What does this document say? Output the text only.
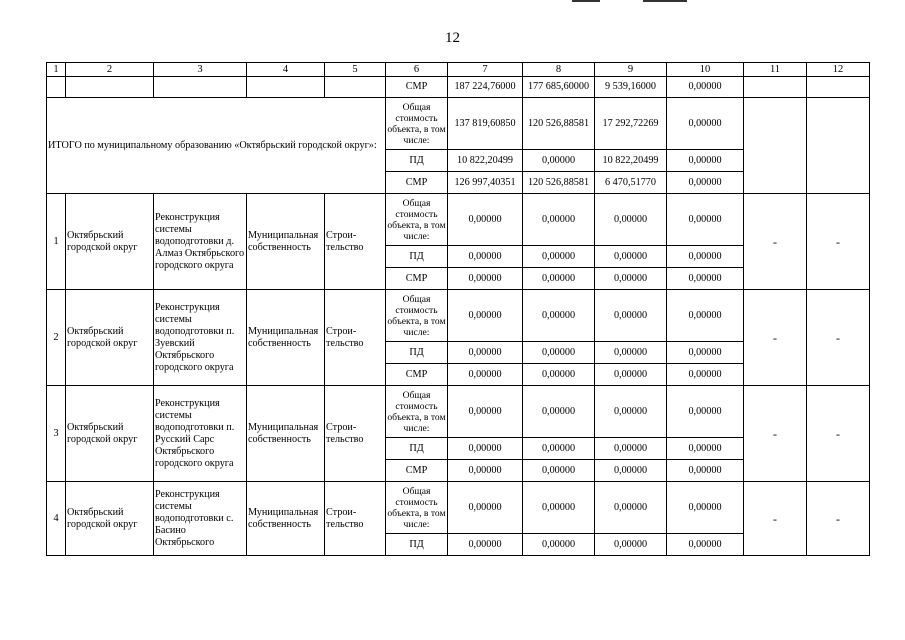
12
1	2	3	4	5	6	7	8	9	10	11	12
					СМР	187 224,76000	177 685,60000	9 539,16000	0,00000		
ИТОГО по муниципальному образованию «Октябрьский городской округ»:					Общая стоимость объекта, в том числе:	137 819,60850	120 526,88581	17 292,72269	0,00000		
					ПД	10 822,20499	0,00000	10 822,20499	0,00000		
					СМР	126 997,40351	120 526,88581	6 470,51770	0,00000		
1	Октябрьский городской округ	Реконструкция системы водоподготовки д. Алмаз Октябрьского городского округа	Муниципальная собственность	Строи-тельство	Общая стоимость объекта, в том числе:	0,00000	0,00000	0,00000	0,00000	-	-
					ПД	0,00000	0,00000	0,00000	0,00000		
					СМР	0,00000	0,00000	0,00000	0,00000		
2	Октябрьский городской округ	Реконструкция системы водоподготовки п. Зуевский Октябрьского городского округа	Муниципальная собственность	Строи-тельство	Общая стоимость объекта, в том числе:	0,00000	0,00000	0,00000	0,00000	-	-
					ПД	0,00000	0,00000	0,00000	0,00000		
					СМР	0,00000	0,00000	0,00000	0,00000		
3	Октябрьский городской округ	Реконструкция системы водоподготовки п. Русский Сарс Октябрьского городского округа	Муниципальная собственность	Строи-тельство	Общая стоимость объекта, в том числе:	0,00000	0,00000	0,00000	0,00000	-	-
					ПД	0,00000	0,00000	0,00000	0,00000		
					СМР	0,00000	0,00000	0,00000	0,00000		
4	Октябрьский городской округ	Реконструкция системы водоподготовки с. Басино Октябрьского	Муниципальная собственность	Строи-тельство	Общая стоимость объекта, в том числе:	0,00000	0,00000	0,00000	0,00000	-	-
					ПД	0,00000	0,00000	0,00000	0,00000		
